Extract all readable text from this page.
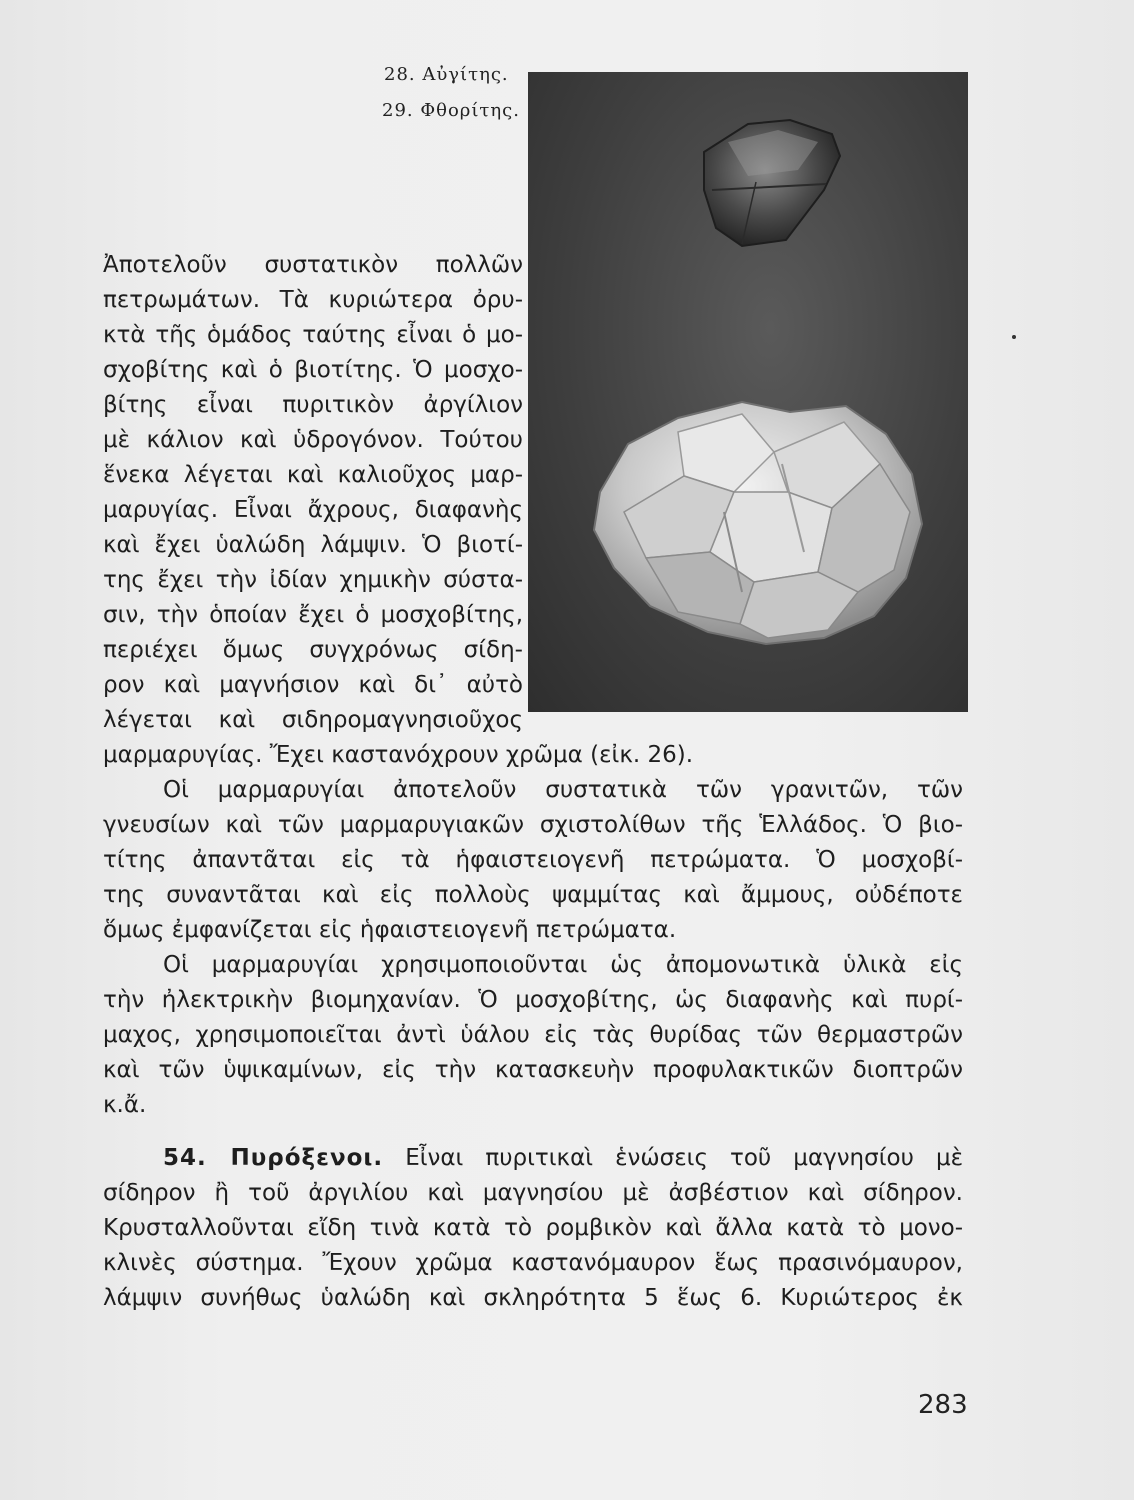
28. Αὐγίτης.
29. Φθορίτης.
Ἀποτελοῦν συστατικὸν πολλῶν
πετρωμάτων. Τὰ κυριώτερα ὀρυ-
κτὰ τῆς ὁμάδος ταύτης εἶναι ὁ μο-
σχοβίτης καὶ ὁ βιοτίτης. Ὁ μοσχο-
βίτης εἶναι πυριτικὸν ἀργίλιον
μὲ κάλιον καὶ ὑδρογόνον. Τούτου
ἕνεκα λέγεται καὶ καλιοῦχος μαρ-
μαρυγίας. Εἶναι ἄχρους, διαφανὴς
καὶ ἔχει ὑαλώδη λάμψιν. Ὁ βιοτί-
της ἔχει τὴν ἰδίαν χημικὴν σύστα-
σιν, τὴν ὁποίαν ἔχει ὁ μοσχοβίτης,
περιέχει ὅμως συγχρόνως σίδη-
ρον καὶ μαγνήσιον καὶ δι᾽ αὐτὸ
λέγεται καὶ σιδηρομαγνησιοῦχος
μαρμαρυγίας. Ἔχει καστανόχρουν χρῶμα (εἰκ. 26).
Οἱ μαρμαρυγίαι ἀποτελοῦν συστατικὰ τῶν γρανιτῶν, τῶν
γνευσίων καὶ τῶν μαρμαρυγιακῶν σχιστολίθων τῆς Ἑλλάδος. Ὁ βιο-
τίτης ἀπαντᾶται εἰς τὰ ἡφαιστειογενῆ πετρώματα. Ὁ μοσχοβί-
της συναντᾶται καὶ εἰς πολλοὺς ψαμμίτας καὶ ἄμμους, οὐδέποτε
ὅμως ἐμφανίζεται εἰς ἡφαιστειογενῆ πετρώματα.
Οἱ μαρμαρυγίαι χρησιμοποιοῦνται ὡς ἀπομονωτικὰ ὑλικὰ εἰς
τὴν ἠλεκτρικὴν βιομηχανίαν. Ὁ μοσχοβίτης, ὡς διαφανὴς καὶ πυρί-
μαχος, χρησιμοποιεῖται ἀντὶ ὑάλου εἰς τὰς θυρίδας τῶν θερμαστρῶν
καὶ τῶν ὑψικαμίνων, εἰς τὴν κατασκευὴν προφυλακτικῶν διοπτρῶν
κ.ἄ.
54. Πυρόξενοι. Εἶναι πυριτικαὶ ἑνώσεις τοῦ μαγνησίου μὲ
σίδηρον ἢ τοῦ ἀργιλίου καὶ μαγνησίου μὲ ἀσβέστιον καὶ σίδηρον.
Κρυσταλλοῦνται εἴδη τινὰ κατὰ τὸ ρομβικὸν καὶ ἄλλα κατὰ τὸ μονο-
κλινὲς σύστημα. Ἔχουν χρῶμα καστανόμαυρον ἕως πρασινόμαυρον,
λάμψιν συνήθως ὑαλώδη καὶ σκληρότητα 5 ἕως 6. Κυριώτερος ἐκ
283
